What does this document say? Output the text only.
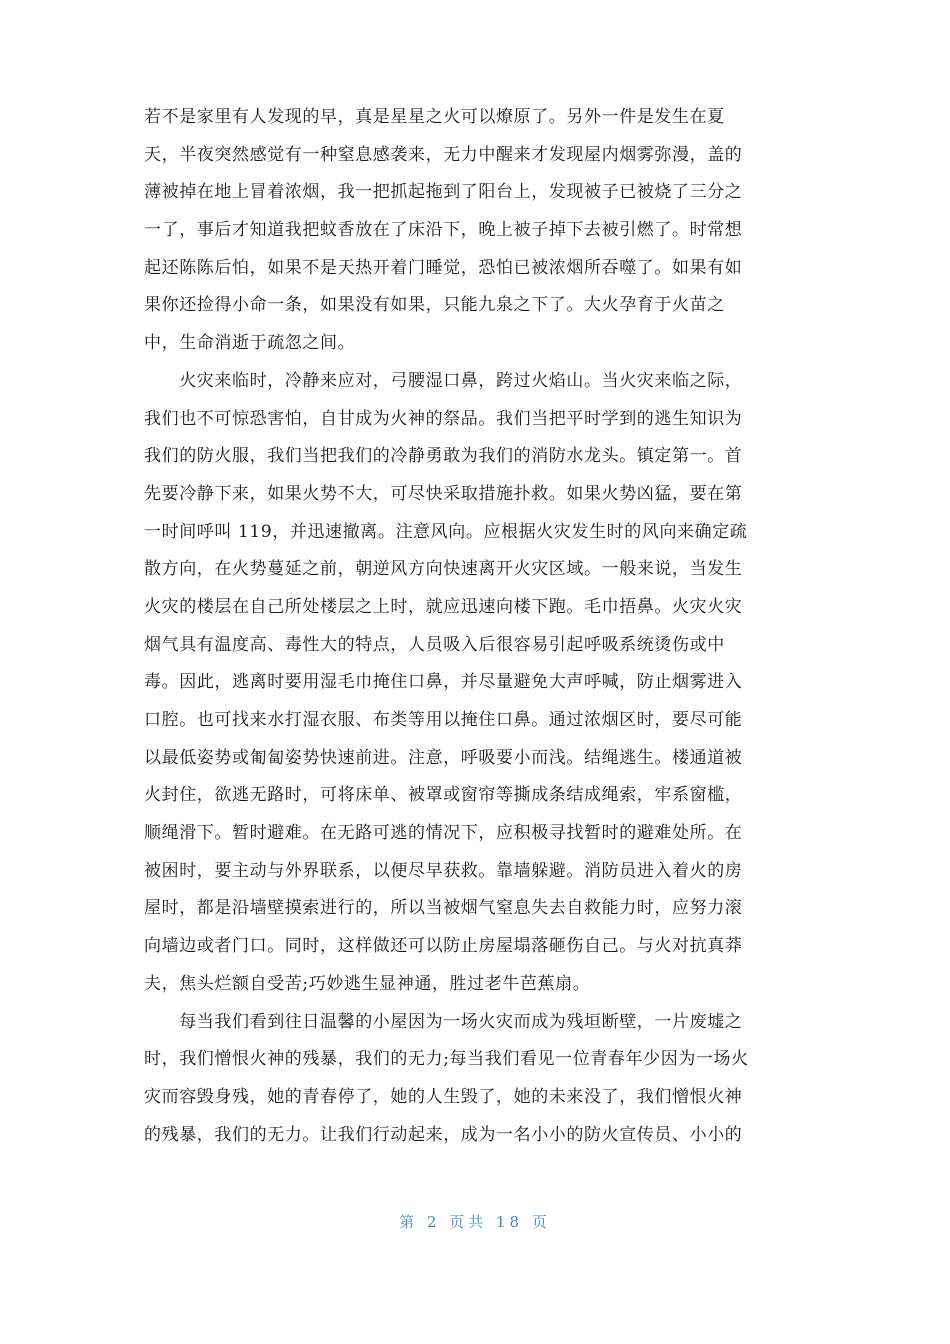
若不是家里有人发现的早，真是星星之火可以燎原了。另外一件是发生在夏
天，半夜突然感觉有一种窒息感袭来，无力中醒来才发现屋内烟雾弥漫，盖的
薄被掉在地上冒着浓烟，我一把抓起拖到了阳台上，发现被子已被烧了三分之
一了，事后才知道我把蚊香放在了床沿下，晚上被子掉下去被引燃了。时常想
起还陈陈后怕，如果不是天热开着门睡觉，恐怕已被浓烟所吞噬了。如果有如
果你还捡得小命一条，如果没有如果，只能九泉之下了。大火孕育于火苗之
中，生命消逝于疏忽之间。
　　火灾来临时，冷静来应对，弓腰湿口鼻，跨过火焰山。当火灾来临之际，
我们也不可惊恐害怕，自甘成为火神的祭品。我们当把平时学到的逃生知识为
我们的防火服，我们当把我们的冷静勇敢为我们的消防水龙头。镇定第一。首
先要冷静下来，如果火势不大，可尽快采取措施扑救。如果火势凶猛，要在第
一时间呼叫 119，并迅速撤离。注意风向。应根据火灾发生时的风向来确定疏
散方向，在火势蔓延之前，朝逆风方向快速离开火灾区域。一般来说，当发生
火灾的楼层在自己所处楼层之上时，就应迅速向楼下跑。毛巾捂鼻。火灾火灾
烟气具有温度高、毒性大的特点，人员吸入后很容易引起呼吸系统烫伤或中
毒。因此，逃离时要用湿毛巾掩住口鼻，并尽量避免大声呼喊，防止烟雾进入
口腔。也可找来水打湿衣服、布类等用以掩住口鼻。通过浓烟区时，要尽可能
以最低姿势或匍匐姿势快速前进。注意，呼吸要小而浅。结绳逃生。楼通道被
火封住，欲逃无路时，可将床单、被罩或窗帘等撕成条结成绳索，牢系窗槛，
顺绳滑下。暂时避难。在无路可逃的情况下，应积极寻找暂时的避难处所。在
被困时，要主动与外界联系，以便尽早获救。靠墙躲避。消防员进入着火的房
屋时，都是沿墙壁摸索进行的，所以当被烟气窒息失去自救能力时，应努力滚
向墙边或者门口。同时，这样做还可以防止房屋塌落砸伤自己。与火对抗真莽
夫，焦头烂额自受苦;巧妙逃生显神通，胜过老牛芭蕉扇。
　　每当我们看到往日温馨的小屋因为一场火灾而成为残垣断壁，一片废墟之
时，我们憎恨火神的残暴，我们的无力;每当我们看见一位青春年少因为一场火
灾而容毁身残，她的青春停了，她的人生毁了，她的未来没了，我们憎恨火神
的残暴，我们的无力。让我们行动起来，成为一名小小的防火宣传员、小小的
第 2 页共 18 页
